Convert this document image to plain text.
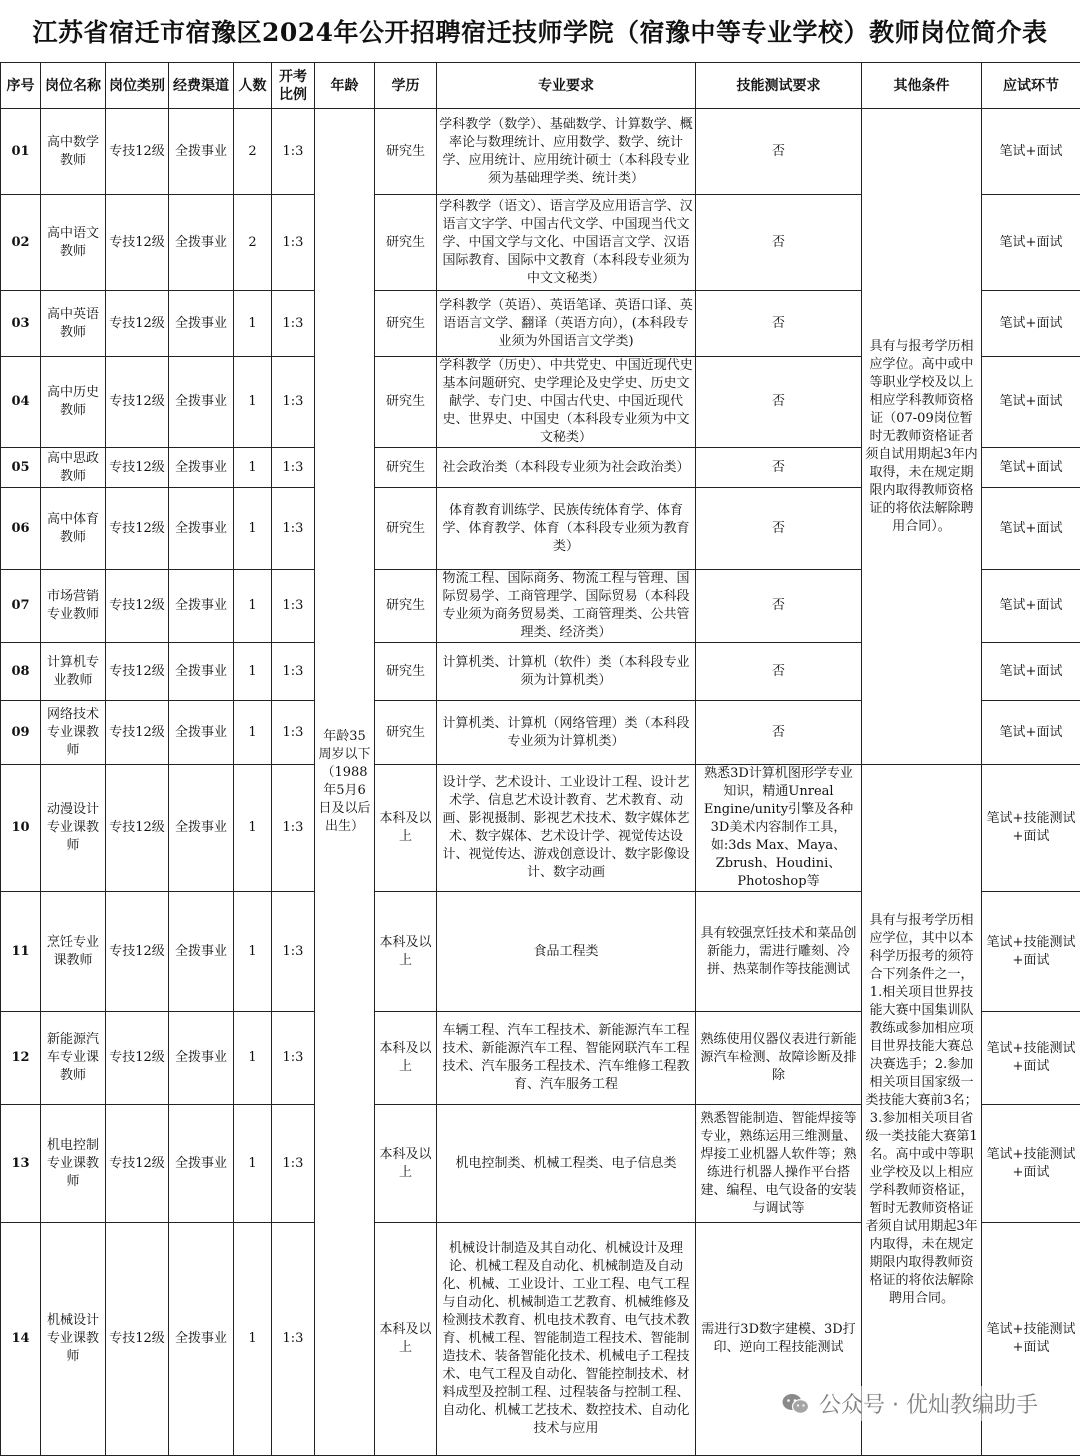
江苏省宿迁市宿豫区2024年公开招聘宿迁技师学院（宿豫中等专业学校）教师岗位简介表
序号	岗位名称	岗位类别	经费渠道	人数	开考比例	年龄	学历	专业要求	技能测试要求	其他条件	应试环节

01	高中数学教师	专技12级	全拨事业	2	1:3	年龄35周岁以下（1988年5月6日及以后出生）	研究生	学科教学（数学）、基础数学、计算数学、概率论与数理统计、应用数学、数学、统计学、应用统计、应用统计硕士（本科段专业须为基础理学类、统计类）	否	具有与报考学历相应学位。高中或中等职业学校及以上相应学科教师资格证（07-09岗位暂时无教师资格证者须自试用期起3年内取得，未在规定期限内取得教师资格证的将依法解除聘用合同）。	笔试+面试

02	高中语文教师	专技12级	全拨事业	2	1:3		研究生	学科教学（语文）、语言学及应用语言学、汉语言文字学、中国古代文学、中国现当代文学、中国文学与文化、中国语言文学、汉语国际教育、国际中文教育（本科段专业须为中文文秘类）	否		笔试+面试

03	高中英语教师	专技12级	全拨事业	1	1:3		研究生	学科教学（英语）、英语笔译、英语口译、英语语言文学、翻译（英语方向），(本科段专业须为外国语言文学类)	否		笔试+面试

04	高中历史教师	专技12级	全拨事业	1	1:3		研究生	学科教学（历史）、中共党史、中国近现代史基本问题研究、史学理论及史学史、历史文献学、专门史、中国古代史、中国近现代史、世界史、中国史（本科段专业须为中文文秘类）	否		笔试+面试

05	高中思政教师	专技12级	全拨事业	1	1:3		研究生	社会政治类（本科段专业须为社会政治类）	否		笔试+面试

06	高中体育教师	专技12级	全拨事业	1	1:3		研究生	体育教育训练学、民族传统体育学、体育学、体育教学、体育（本科段专业须为教育类）	否		笔试+面试

07	市场营销专业教师	专技12级	全拨事业	1	1:3		研究生	物流工程、国际商务、物流工程与管理、国际贸易学、工商管理学、国际贸易（本科段专业须为商务贸易类、工商管理类、公共管理类、经济类）	否		笔试+面试

08	计算机专业教师	专技12级	全拨事业	1	1:3		研究生	计算机类、计算机（软件）类（本科段专业须为计算机类）	否		笔试+面试

09	网络技术专业课教师	专技12级	全拨事业	1	1:3		研究生	计算机类、计算机（网络管理）类（本科段专业须为计算机类）	否		笔试+面试

10	动漫设计专业课教师	专技12级	全拨事业	1	1:3		本科及以上	设计学、艺术设计、工业设计工程、设计艺术学、信息艺术设计教育、艺术教育、动画、影视摄制、影视艺术技术、数字媒体艺术、数字媒体、艺术设计学、视觉传达设计、视觉传达、游戏创意设计、数字影像设计、数字动画	熟悉3D计算机图形学专业知识，精通Unreal Engine/unity引擎及各种3D美术内容制作工具，如:3ds Max、Maya、Zbrush、Houdini、Photoshop等	具有与报考学历相应学位，其中以本科学历报考的须符合下列条件之一，1.相关项目世界技能大赛中国集训队教练或参加相应项目世界技能大赛总决赛选手；2.参加相关项目国家级一类技能大赛前3名；3.参加相关项目省级一类技能大赛第1名。高中或中等职业学校及以上相应学科教师资格证，暂时无教师资格证者须自试用期起3年内取得，未在规定期限内取得教师资格证的将依法解除聘用合同。	笔试+技能测试+面试

11	烹饪专业课教师	专技12级	全拨事业	1	1:3		本科及以上	食品工程类	具有较强烹饪技术和菜品创新能力，需进行雕刻、冷拼、热菜制作等技能测试		笔试+技能测试+面试

12	新能源汽车专业课教师	专技12级	全拨事业	1	1:3		本科及以上	车辆工程、汽车工程技术、新能源汽车工程技术、新能源汽车工程、智能网联汽车工程技术、汽车服务工程技术、汽车维修工程教育、汽车服务工程	熟练使用仪器仪表进行新能源汽车检测、故障诊断及排除		笔试+技能测试+面试

13	机电控制专业课教师	专技12级	全拨事业	1	1:3		本科及以上	机电控制类、机械工程类、电子信息类	熟悉智能制造、智能焊接等专业，熟练运用三维测量、焊接工业机器人软件等；熟练进行机器人操作平台搭建、编程、电气设备的安装与调试等		笔试+技能测试+面试

14	机械设计专业课教师	专技12级	全拨事业	1	1:3		本科及以上	机械设计制造及其自动化、机械设计及理论、机械工程及自动化、机械制造及自动化、机械、工业设计、工业工程、电气工程与自动化、机械制造工艺教育、机械维修及检测技术教育、机电技术教育、电气技术教育、机械工程、智能制造工程技术、智能制造技术、装备智能化技术、机械电子工程技术、电气工程及自动化、智能控制技术、材料成型及控制工程、过程装备与控制工程、自动化、机械工艺技术、数控技术、自动化技术与应用	需进行3D数字建模、3D打印、逆向工程技能测试		笔试+技能测试+面试
公众号 · 优灿教编助手
